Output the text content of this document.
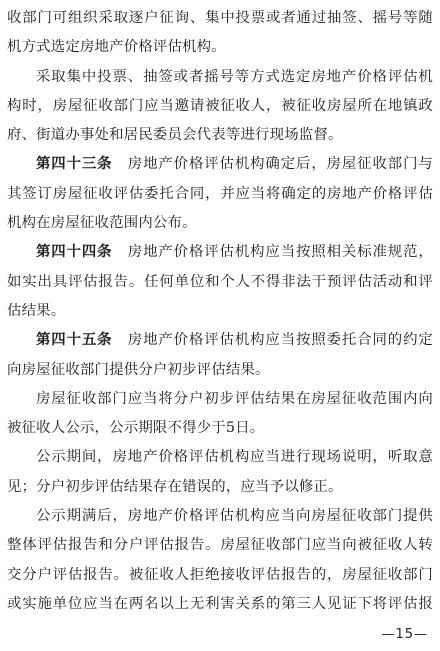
收部门可组织采取逐户征询、集中投票或者通过抽签、摇号等随
机方式选定房地产价格评估机构。
采取集中投票、抽签或者摇号等方式选定房地产价格评估机
构时，房屋征收部门应当邀请被征收人，被征收房屋所在地镇政
府、街道办事处和居民委员会代表等进行现场监督。
第四十三条　 房地产价格评估机构确定后，房屋征收部门与
其签订房屋征收评估委托合同，并应当将确定的房地产价格评估
机构在房屋征收范围内公布。
第四十四条　 房地产价格评估机构应当按照相关标准规范，
如实出具评估报告。任何单位和个人不得非法干预评估活动和评
估结果。
第四十五条　 房地产价格评估机构应当按照委托合同的约定
向房屋征收部门提供分户初步评估结果。
房屋征收部门应当将分户初步评估结果在房屋征收范围内向
被征收人公示，公示期限不得少于5日。
公示期间，房地产价格评估机构应当进行现场说明，听取意
见；分户初步评估结果存在错误的，应当予以修正。
公示期满后，房地产价格评估机构应当向房屋征收部门提供
整体评估报告和分户评估报告。房屋征收部门应当向被征收人转
交分户评估报告。被征收人拒绝接收评估报告的，房屋征收部门
或实施单位应当在两名以上无利害关系的第三人见证下将评估报
—15—
